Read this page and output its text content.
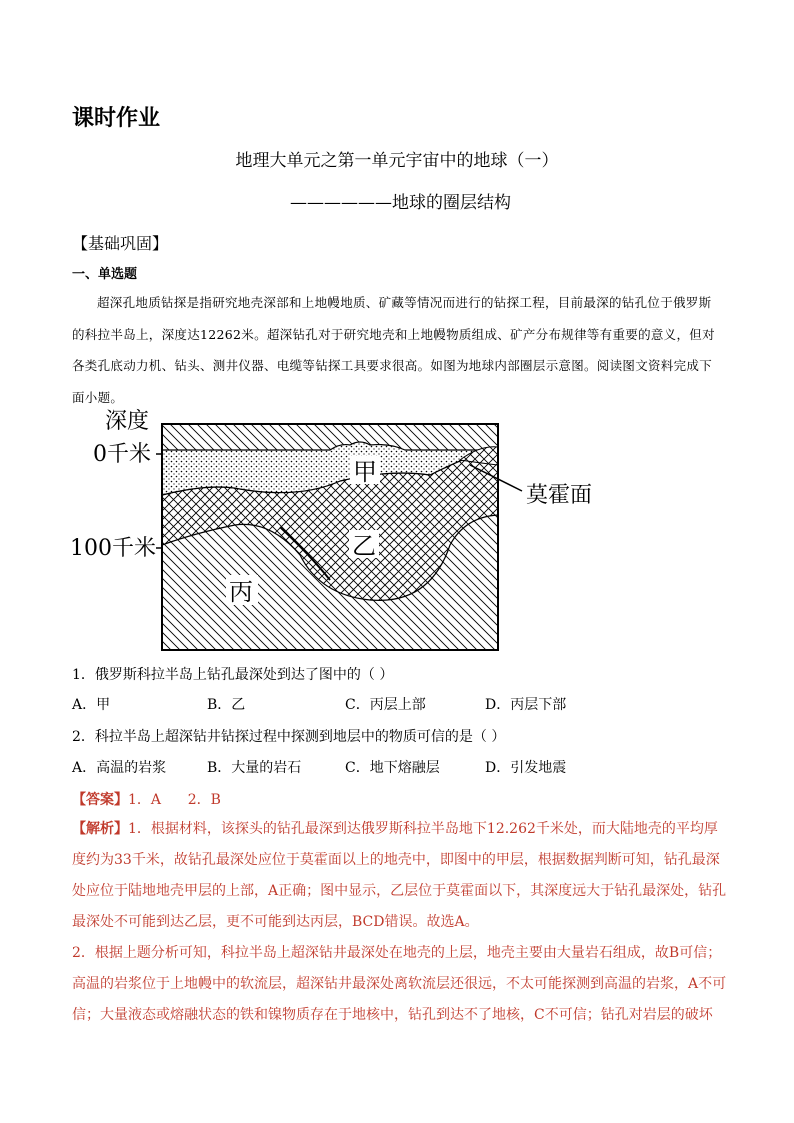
课时作业
地理大单元之第一单元宇宙中的地球（一）
——————地球的圈层结构
【基础巩固】
一、单选题
超深孔地质钻探是指研究地壳深部和上地幔地质、矿藏等情况而进行的钻探工程，目前最深的钻孔位于俄罗斯的科拉半岛上，深度达12262米。超深钻孔对于研究地壳和上地幔物质组成、矿产分布规律等有重要的意义，但对各类孔底动力机、钻头、测井仪器、电缆等钻探工具要求很高。如图为地球内部圈层示意图。阅读图文资料完成下面小题。
深度
0千米
100千米
甲
乙
丙
莫霍面
1．俄罗斯科拉半岛上钻孔最深处到达了图中的（ ）
A．甲	B．乙	C．丙层上部	D．丙层下部
2．科拉半岛上超深钻井钻探过程中探测到地层中的物质可信的是（ ）
A．高温的岩浆	B．大量的岩石	C．地下熔融层	D．引发地震
【答案】1．A      2．B
【解析】1．根据材料，该探头的钻孔最深到达俄罗斯科拉半岛地下12.262千米处，而大陆地壳的平均厚度约为33千米，故钻孔最深处应位于莫霍面以上的地壳中，即图中的甲层，根据数据判断可知，钻孔最深处应位于陆地地壳甲层的上部，A正确；图中显示，乙层位于莫霍面以下，其深度远大于钻孔最深处，钻孔最深处不可能到达乙层，更不可能到达丙层，BCD错误。故选A。
2．根据上题分析可知，科拉半岛上超深钻井最深处在地壳的上层，地壳主要由大量岩石组成，故B可信；高温的岩浆位于上地幔中的软流层，超深钻井最深处离软流层还很远，不太可能探测到高温的岩浆，A不可信；大量液态或熔融状态的铁和镍物质存在于地核中，钻孔到达不了地核，C不可信；钻孔对岩层的破坏
